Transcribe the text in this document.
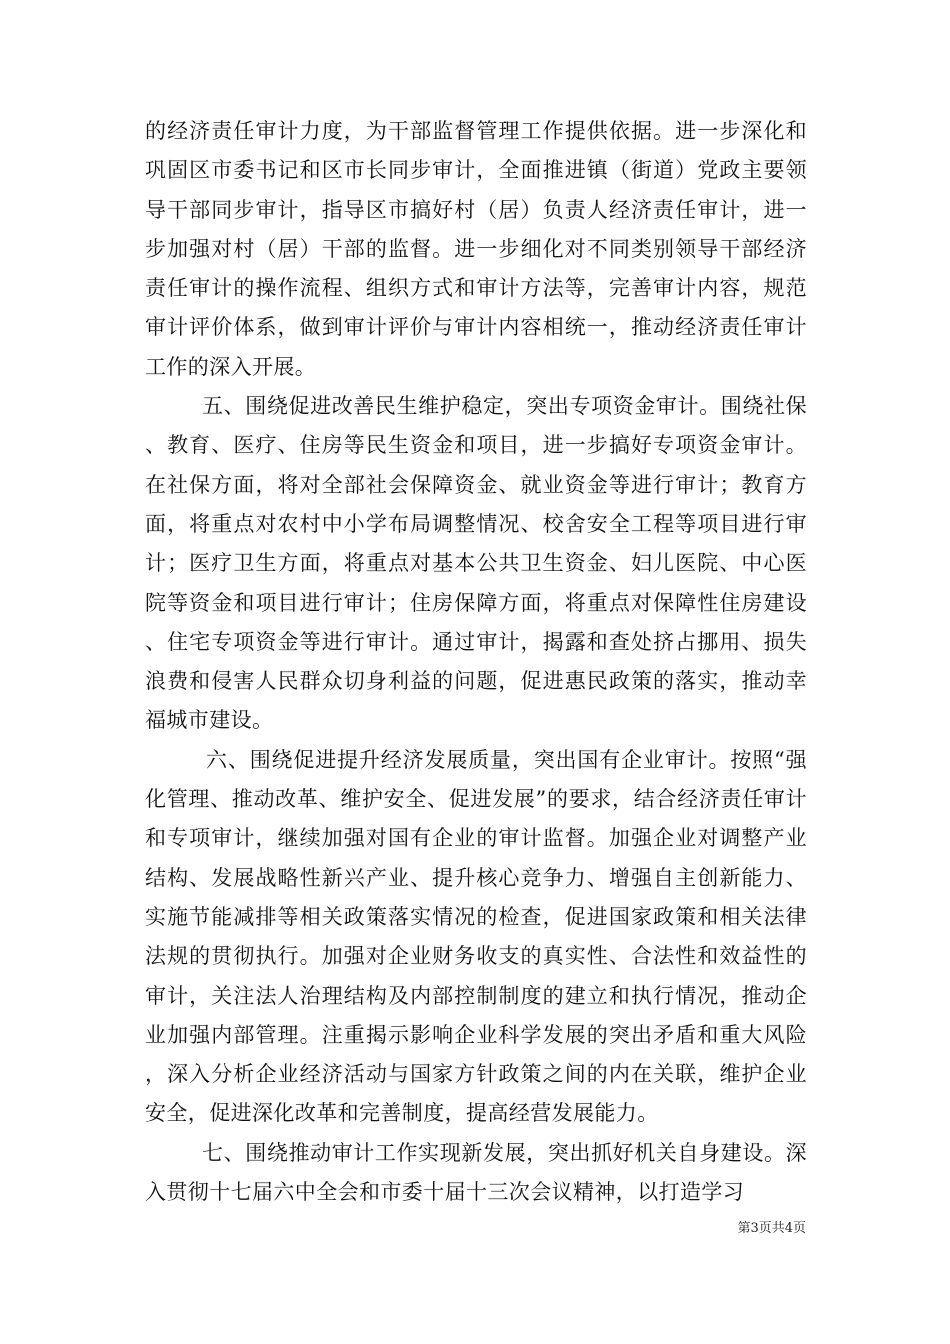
的经济责任审计力度，为干部监督管理工作提供依据。进一步深化和巩固区市委书记和区市长同步审计，全面推进镇（街道）党政主要领导干部同步审计，指导区市搞好村（居）负责人经济责任审计，进一步加强对村（居）干部的监督。进一步细化对不同类别领导干部经济责任审计的操作流程、组织方式和审计方法等，完善审计内容，规范审计评价体系，做到审计评价与审计内容相统一，推动经济责任审计工作的深入开展。

五、围绕促进改善民生维护稳定，突出专项资金审计。围绕社保、教育、医疗、住房等民生资金和项目，进一步搞好专项资金审计。在社保方面，将对全部社会保障资金、就业资金等进行审计；教育方面，将重点对农村中小学布局调整情况、校舍安全工程等项目进行审计；医疗卫生方面，将重点对基本公共卫生资金、妇儿医院、中心医院等资金和项目进行审计；住房保障方面，将重点对保障性住房建设、住宅专项资金等进行审计。通过审计，揭露和查处挤占挪用、损失浪费和侵害人民群众切身利益的问题，促进惠民政策的落实，推动幸福城市建设。

六、围绕促进提升经济发展质量，突出国有企业审计。按照“强化管理、推动改革、维护安全、促进发展”的要求，结合经济责任审计和专项审计，继续加强对国有企业的审计监督。加强企业对调整产业结构、发展战略性新兴产业、提升核心竞争力、增强自主创新能力、实施节能减排等相关政策落实情况的检查，促进国家政策和相关法律法规的贯彻执行。加强对企业财务收支的真实性、合法性和效益性的审计，关注法人治理结构及内部控制制度的建立和执行情况，推动企业加强内部管理。注重揭示影响企业科学发展的突出矛盾和重大风险，深入分析企业经济活动与国家方针政策之间的内在关联，维护企业安全，促进深化改革和完善制度，提高经营发展能力。

七、围绕推动审计工作实现新发展，突出抓好机关自身建设。深入贯彻十七届六中全会和市委十届十三次会议精神，以打造学习

第3页共4页
